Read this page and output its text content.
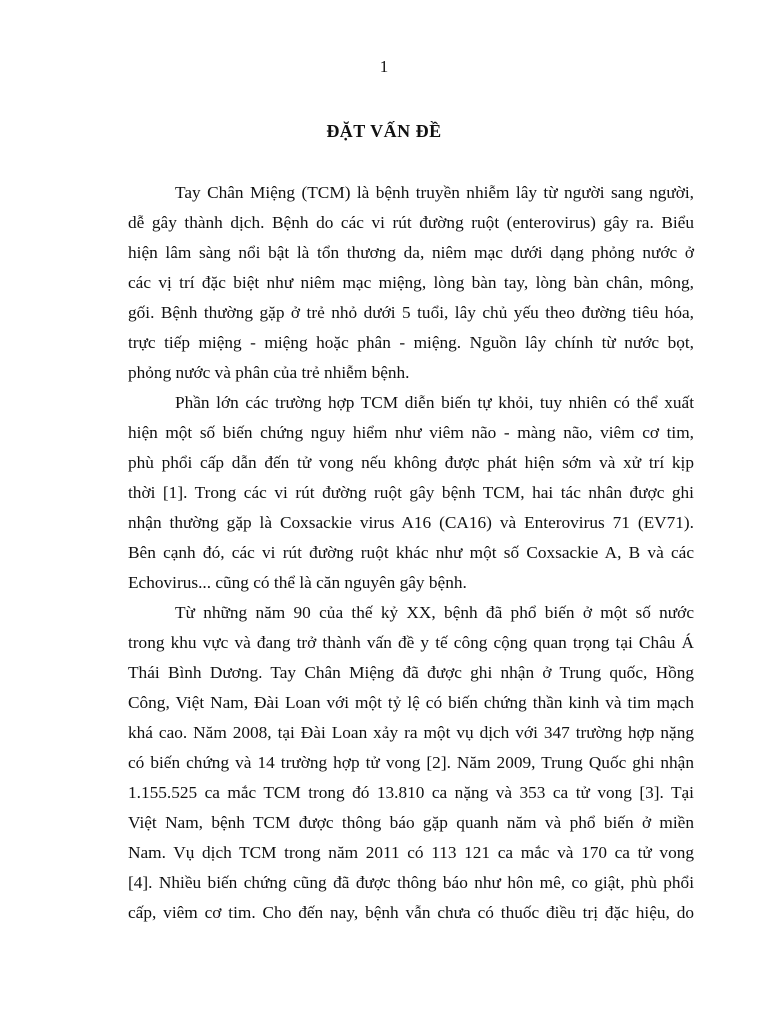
1
ĐẶT VẤN ĐỀ
Tay Chân Miệng (TCM) là bệnh truyền nhiễm lây từ người sang người,
dễ gây thành dịch. Bệnh do các vi rút đường ruột (enterovirus) gây ra. Biểu
hiện lâm sàng nổi bật là tổn thương da, niêm mạc dưới dạng phỏng nước ở
các vị trí đặc biệt như niêm mạc miệng, lòng bàn tay, lòng bàn chân, mông,
gối. Bệnh thường gặp ở trẻ nhỏ dưới 5 tuổi, lây chủ yếu theo đường tiêu hóa,
trực tiếp miệng - miệng hoặc phân - miệng. Nguồn lây chính từ nước bọt,
phỏng nước và phân của trẻ nhiễm bệnh.
Phần lớn các trường hợp TCM diễn biến tự khỏi, tuy nhiên có thể xuất
hiện một số biến chứng nguy hiểm như viêm não - màng não, viêm cơ tim,
phù phổi cấp dẫn đến tử vong nếu không được phát hiện sớm và xử trí kịp
thời [1]. Trong các vi rút đường ruột gây bệnh TCM, hai tác nhân được ghi
nhận thường gặp là Coxsackie virus A16 (CA16) và Enterovirus 71 (EV71).
Bên cạnh đó, các vi rút đường ruột khác như một số Coxsackie A, B và các
Echovirus... cũng có thể là căn nguyên gây bệnh.
Từ những năm 90 của thế kỷ XX, bệnh đã phổ biến ở một số nước
trong khu vực và đang trở thành vấn đề y tế công cộng quan trọng tại Châu Á
Thái Bình Dương. Tay Chân Miệng đã được ghi nhận ở Trung quốc, Hồng
Công, Việt Nam, Đài Loan với một tỷ lệ có biến chứng thần kinh và tim mạch
khá cao. Năm 2008, tại Đài Loan xảy ra một vụ dịch với 347 trường hợp nặng
có biến chứng và 14 trường hợp tử vong [2]. Năm 2009, Trung Quốc ghi nhận
1.155.525 ca mắc TCM trong đó 13.810 ca nặng và 353 ca tử vong [3]. Tại
Việt Nam, bệnh TCM được thông báo gặp quanh năm và phổ biến ở miền
Nam. Vụ dịch TCM trong năm 2011 có 113 121 ca mắc và 170 ca tử vong
[4]. Nhiều biến chứng cũng đã được thông báo như hôn mê, co giật, phù phổi
cấp, viêm cơ tim. Cho đến nay, bệnh vẫn chưa có thuốc điều trị đặc hiệu, do
